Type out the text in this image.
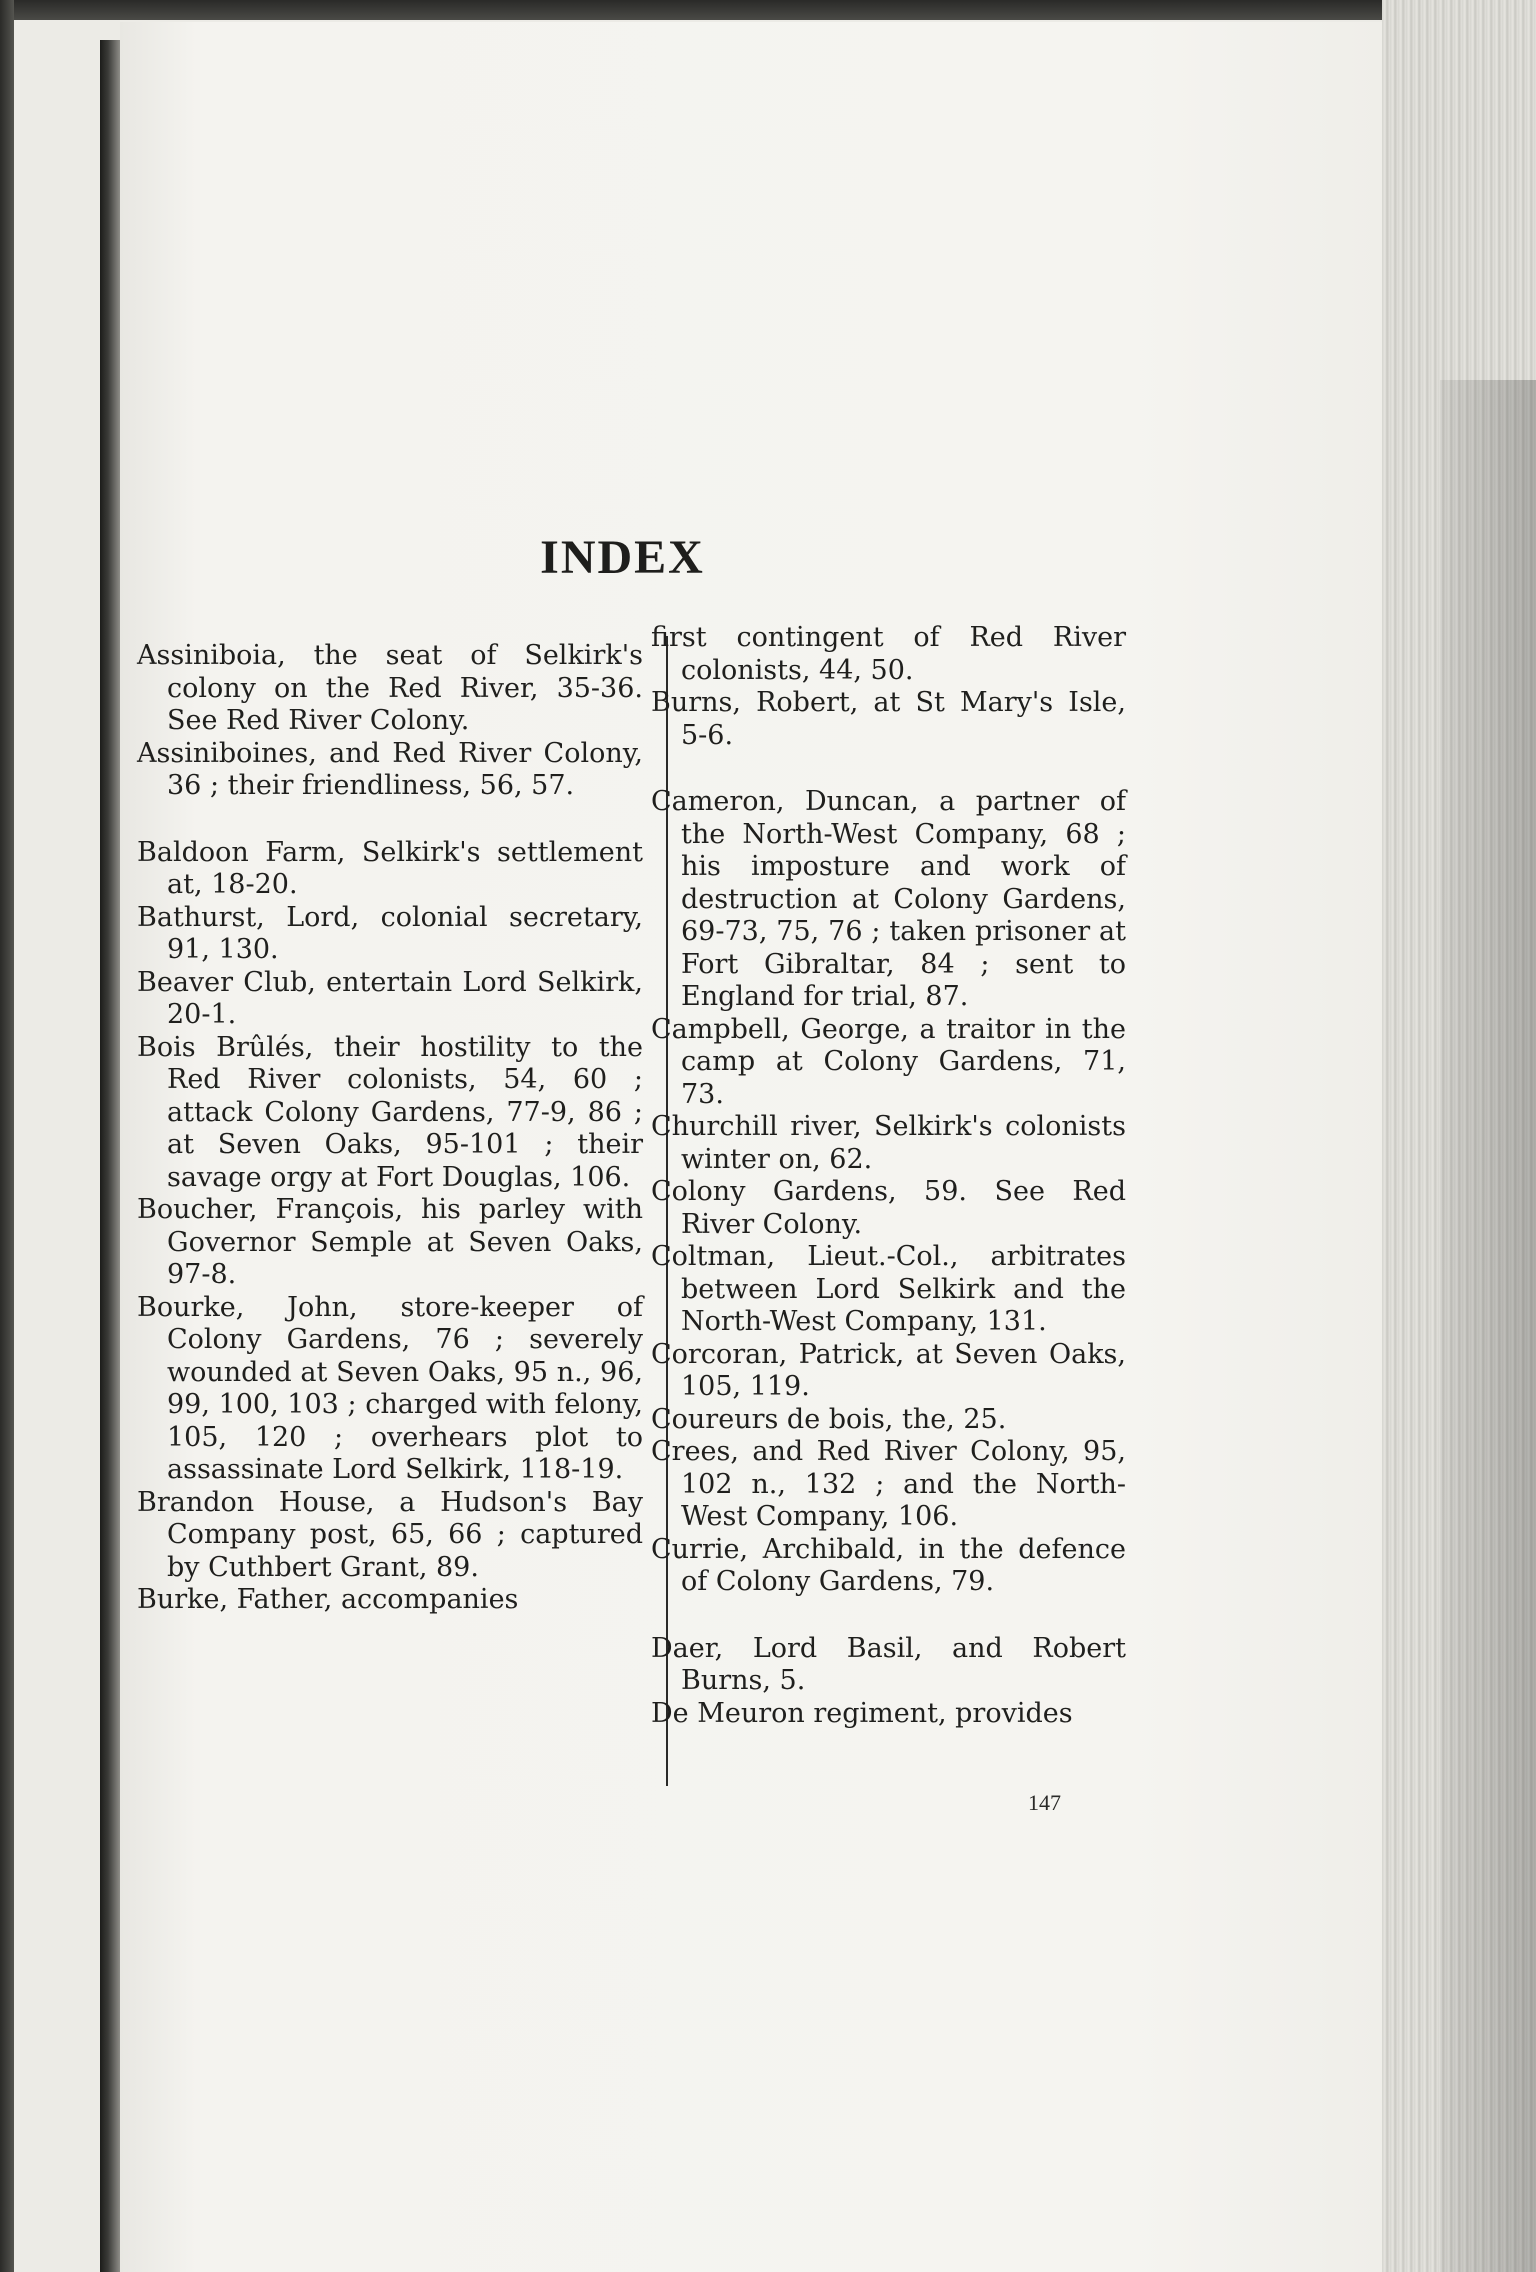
INDEX

Assiniboia, the seat of Selkirk's colony on the Red River, 35-36. See Red River Colony.

Assiniboines, and Red River Colony, 36 ; their friendliness, 56, 57.

Baldoon Farm, Selkirk's settlement at, 18-20.

Bathurst, Lord, colonial secretary, 91, 130.

Beaver Club, entertain Lord Selkirk, 20-1.

Bois Brûlés, their hostility to the Red River colonists, 54, 60 ; attack Colony Gardens, 77-9, 86 ; at Seven Oaks, 95-101 ; their savage orgy at Fort Douglas, 106.

Boucher, François, his parley with Governor Semple at Seven Oaks, 97-8.

Bourke, John, store-keeper of Colony Gardens, 76 ; severely wounded at Seven Oaks, 95 n., 96, 99, 100, 103 ; charged with felony, 105, 120 ; overhears plot to assassinate Lord Selkirk, 118-19.

Brandon House, a Hudson's Bay Company post, 65, 66 ; captured by Cuthbert Grant, 89.

Burke, Father, accompanies

first contingent of Red River colonists, 44, 50.

Burns, Robert, at St Mary's Isle, 5-6.

Cameron, Duncan, a partner of the North-West Company, 68 ; his imposture and work of destruction at Colony Gardens, 69-73, 75, 76 ; taken prisoner at Fort Gibraltar, 84 ; sent to England for trial, 87.

Campbell, George, a traitor in the camp at Colony Gardens, 71, 73.

Churchill river, Selkirk's colonists winter on, 62.

Colony Gardens, 59. See Red River Colony.

Coltman, Lieut.-Col., arbitrates between Lord Selkirk and the North-West Company, 131.

Corcoran, Patrick, at Seven Oaks, 105, 119.

Coureurs de bois, the, 25.

Crees, and Red River Colony, 95, 102 n., 132 ; and the North-West Company, 106.

Currie, Archibald, in the defence of Colony Gardens, 79.

Daer, Lord Basil, and Robert Burns, 5.

De Meuron regiment, provides

147
